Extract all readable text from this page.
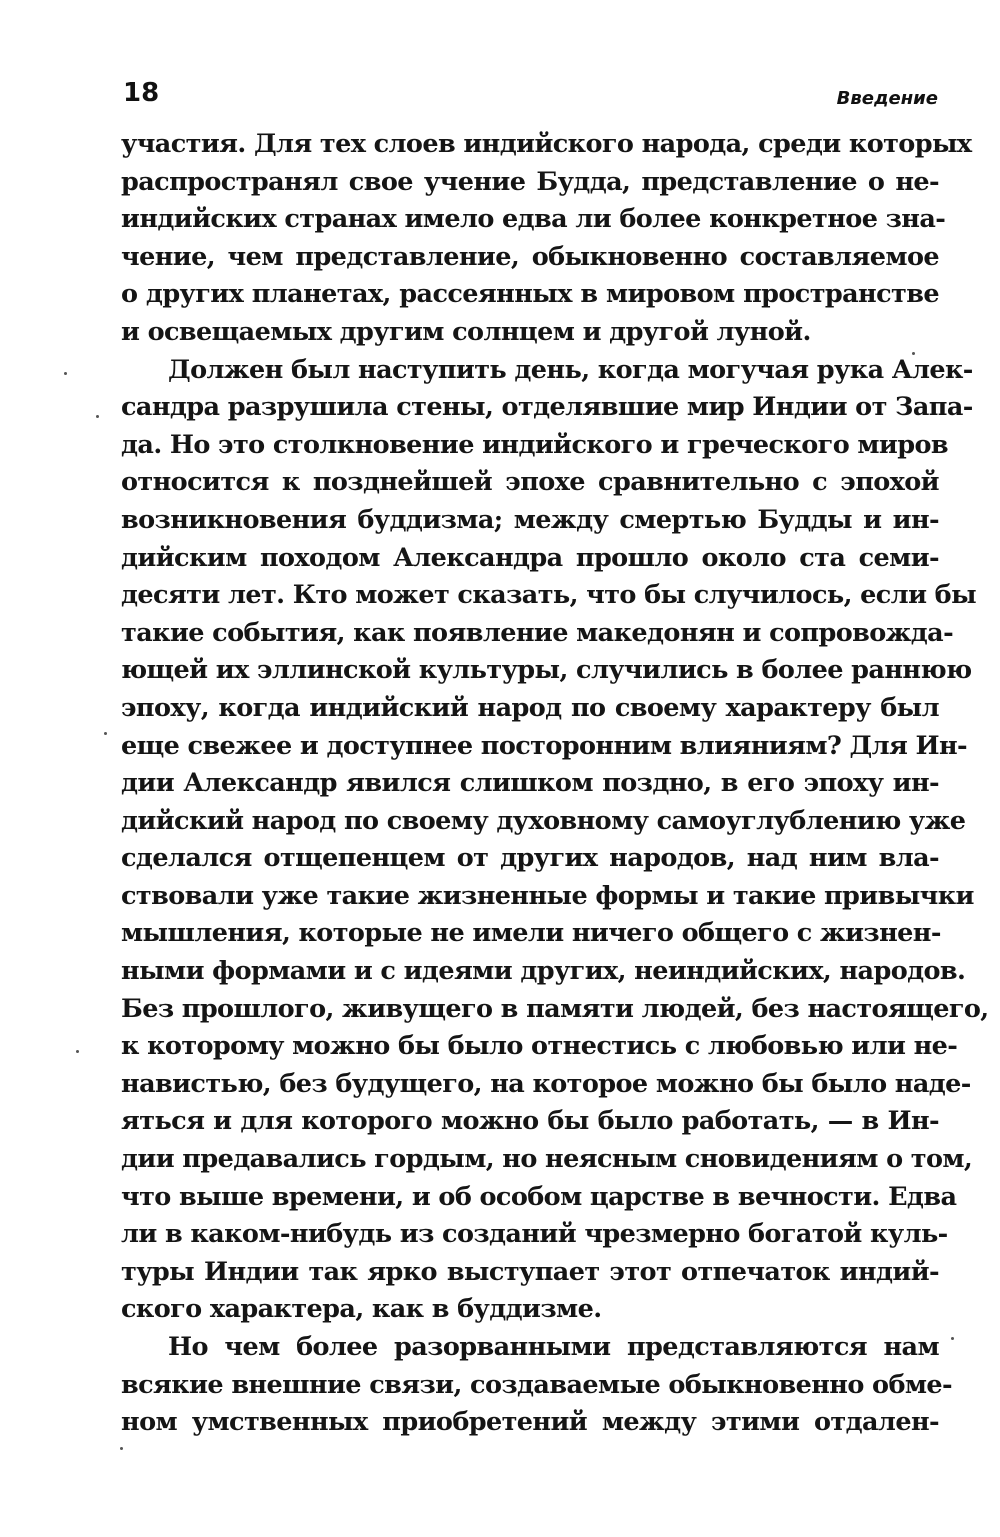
18	Введение
участия. Для тех слоев индийского народа, среди которых
распространял свое учение Будда, представление о не-
индийских странах имело едва ли более конкретное зна-
чение, чем представление, обыкновенно составляемое
о других планетах, рассеянных в мировом пространстве
и освещаемых другим солнцем и другой луной.
Должен был наступить день, когда могучая рука Алек-
сандра разрушила стены, отделявшие мир Индии от Запа-
да. Но это столкновение индийского и греческого миров
относится к позднейшей эпохе сравнительно с эпохой
возникновения буддизма; между смертью Будды и ин-
дийским походом Александра прошло около ста семи-
десяти лет. Кто может сказать, что бы случилось, если бы
такие события, как появление македонян и сопровожда-
ющей их эллинской культуры, случились в более раннюю
эпоху, когда индийский народ по своему характеру был
еще свежее и доступнее посторонним влияниям? Для Ин-
дии Александр явился слишком поздно, в его эпоху ин-
дийский народ по своему духовному самоуглублению уже
сделался отщепенцем от других народов, над ним вла-
ствовали уже такие жизненные формы и такие привычки
мышления, которые не имели ничего общего с жизнен-
ными формами и с идеями других, неиндийских, народов.
Без прошлого, живущего в памяти людей, без настоящего,
к которому можно бы было отнестись с любовью или не-
навистью, без будущего, на которое можно бы было наде-
яться и для которого можно бы было работать, — в Ин-
дии предавались гордым, но неясным сновидениям о том,
что выше времени, и об особом царстве в вечности. Едва
ли в каком-нибудь из созданий чрезмерно богатой куль-
туры Индии так ярко выступает этот отпечаток индий-
ского характера, как в буддизме.
Но чем более разорванными представляются нам
всякие внешние связи, создаваемые обыкновенно обме-
ном умственных приобретений между этими отдален-
